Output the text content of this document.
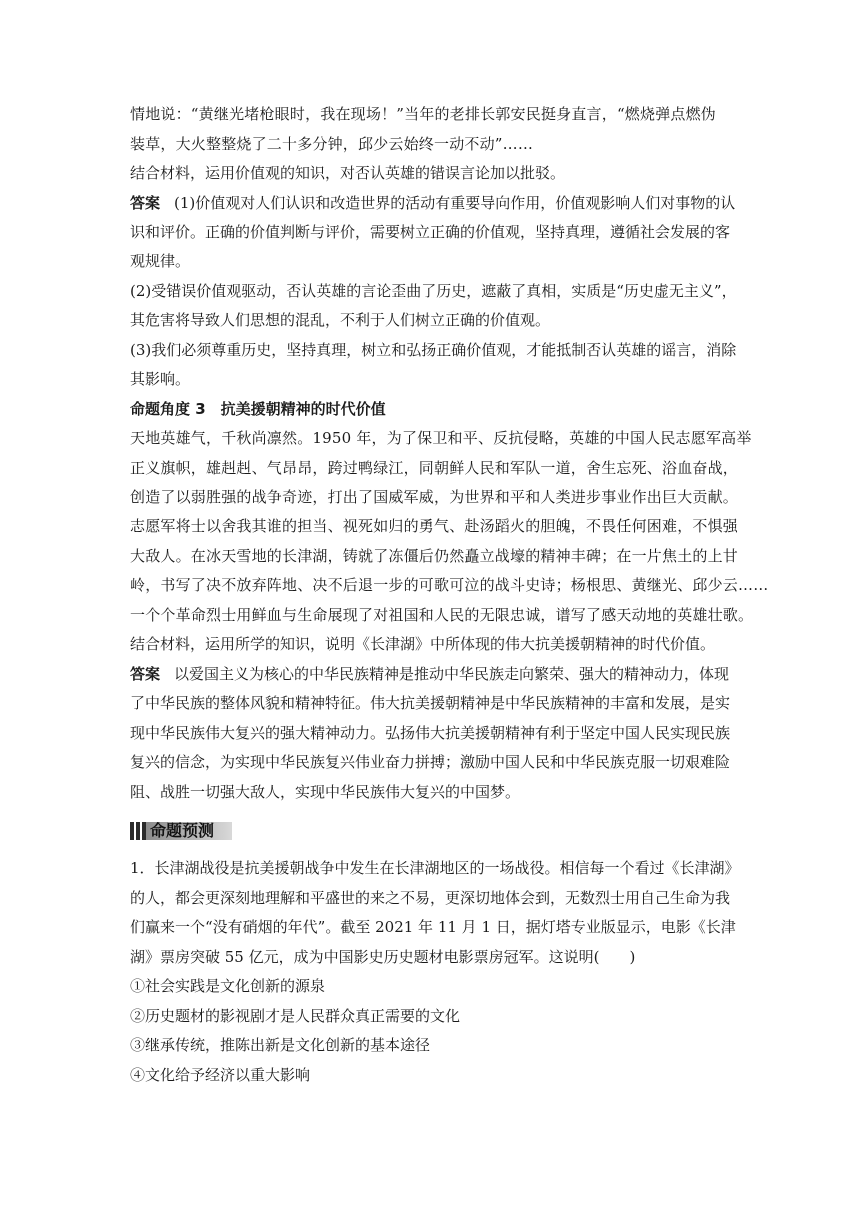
情地说：“黄继光堵枪眼时，我在现场！”当年的老排长郭安民挺身直言，“燃烧弹点燃伪
装草，大火整整烧了二十多分钟，邱少云始终一动不动”……
结合材料，运用价值观的知识，对否认英雄的错误言论加以批驳。
答案 (1)价值观对人们认识和改造世界的活动有重要导向作用，价值观影响人们对事物的认
识和评价。正确的价值判断与评价，需要树立正确的价值观，坚持真理，遵循社会发展的客
观规律。
(2)受错误价值观驱动，否认英雄的言论歪曲了历史，遮蔽了真相，实质是“历史虚无主义”，
其危害将导致人们思想的混乱，不利于人们树立正确的价值观。
(3)我们必须尊重历史，坚持真理，树立和弘扬正确价值观，才能抵制否认英雄的谣言，消除
其影响。
命题角度 3　抗美援朝精神的时代价值
天地英雄气，千秋尚凛然。1950 年，为了保卫和平、反抗侵略，英雄的中国人民志愿军高举
正义旗帜，雄赳赳、气昂昂，跨过鸭绿江，同朝鲜人民和军队一道，舍生忘死、浴血奋战，
创造了以弱胜强的战争奇迹，打出了国威军威，为世界和平和人类进步事业作出巨大贡献。
志愿军将士以舍我其谁的担当、视死如归的勇气、赴汤蹈火的胆魄，不畏任何困难，不惧强
大敌人。在冰天雪地的长津湖，铸就了冻僵后仍然矗立战壕的精神丰碑；在一片焦土的上甘
岭，书写了决不放弃阵地、决不后退一步的可歌可泣的战斗史诗；杨根思、黄继光、邱少云……
一个个革命烈士用鲜血与生命展现了对祖国和人民的无限忠诚，谱写了感天动地的英雄壮歌。
结合材料，运用所学的知识，说明《长津湖》中所体现的伟大抗美援朝精神的时代价值。
答案 以爱国主义为核心的中华民族精神是推动中华民族走向繁荣、强大的精神动力，体现
了中华民族的整体风貌和精神特征。伟大抗美援朝精神是中华民族精神的丰富和发展，是实
现中华民族伟大复兴的强大精神动力。弘扬伟大抗美援朝精神有利于坚定中国人民实现民族
复兴的信念，为实现中华民族复兴伟业奋力拼搏；激励中国人民和中华民族克服一切艰难险
阻、战胜一切强大敌人，实现中华民族伟大复兴的中国梦。
命题预测
1．长津湖战役是抗美援朝战争中发生在长津湖地区的一场战役。相信每一个看过《长津湖》
的人，都会更深刻地理解和平盛世的来之不易，更深切地体会到，无数烈士用自己生命为我
们赢来一个“没有硝烟的年代”。截至 2021 年 11 月 1 日，据灯塔专业版显示，电影《长津
湖》票房突破 55 亿元，成为中国影史历史题材电影票房冠军。这说明(　　)
①社会实践是文化创新的源泉
②历史题材的影视剧才是人民群众真正需要的文化
③继承传统，推陈出新是文化创新的基本途径
④文化给予经济以重大影响
